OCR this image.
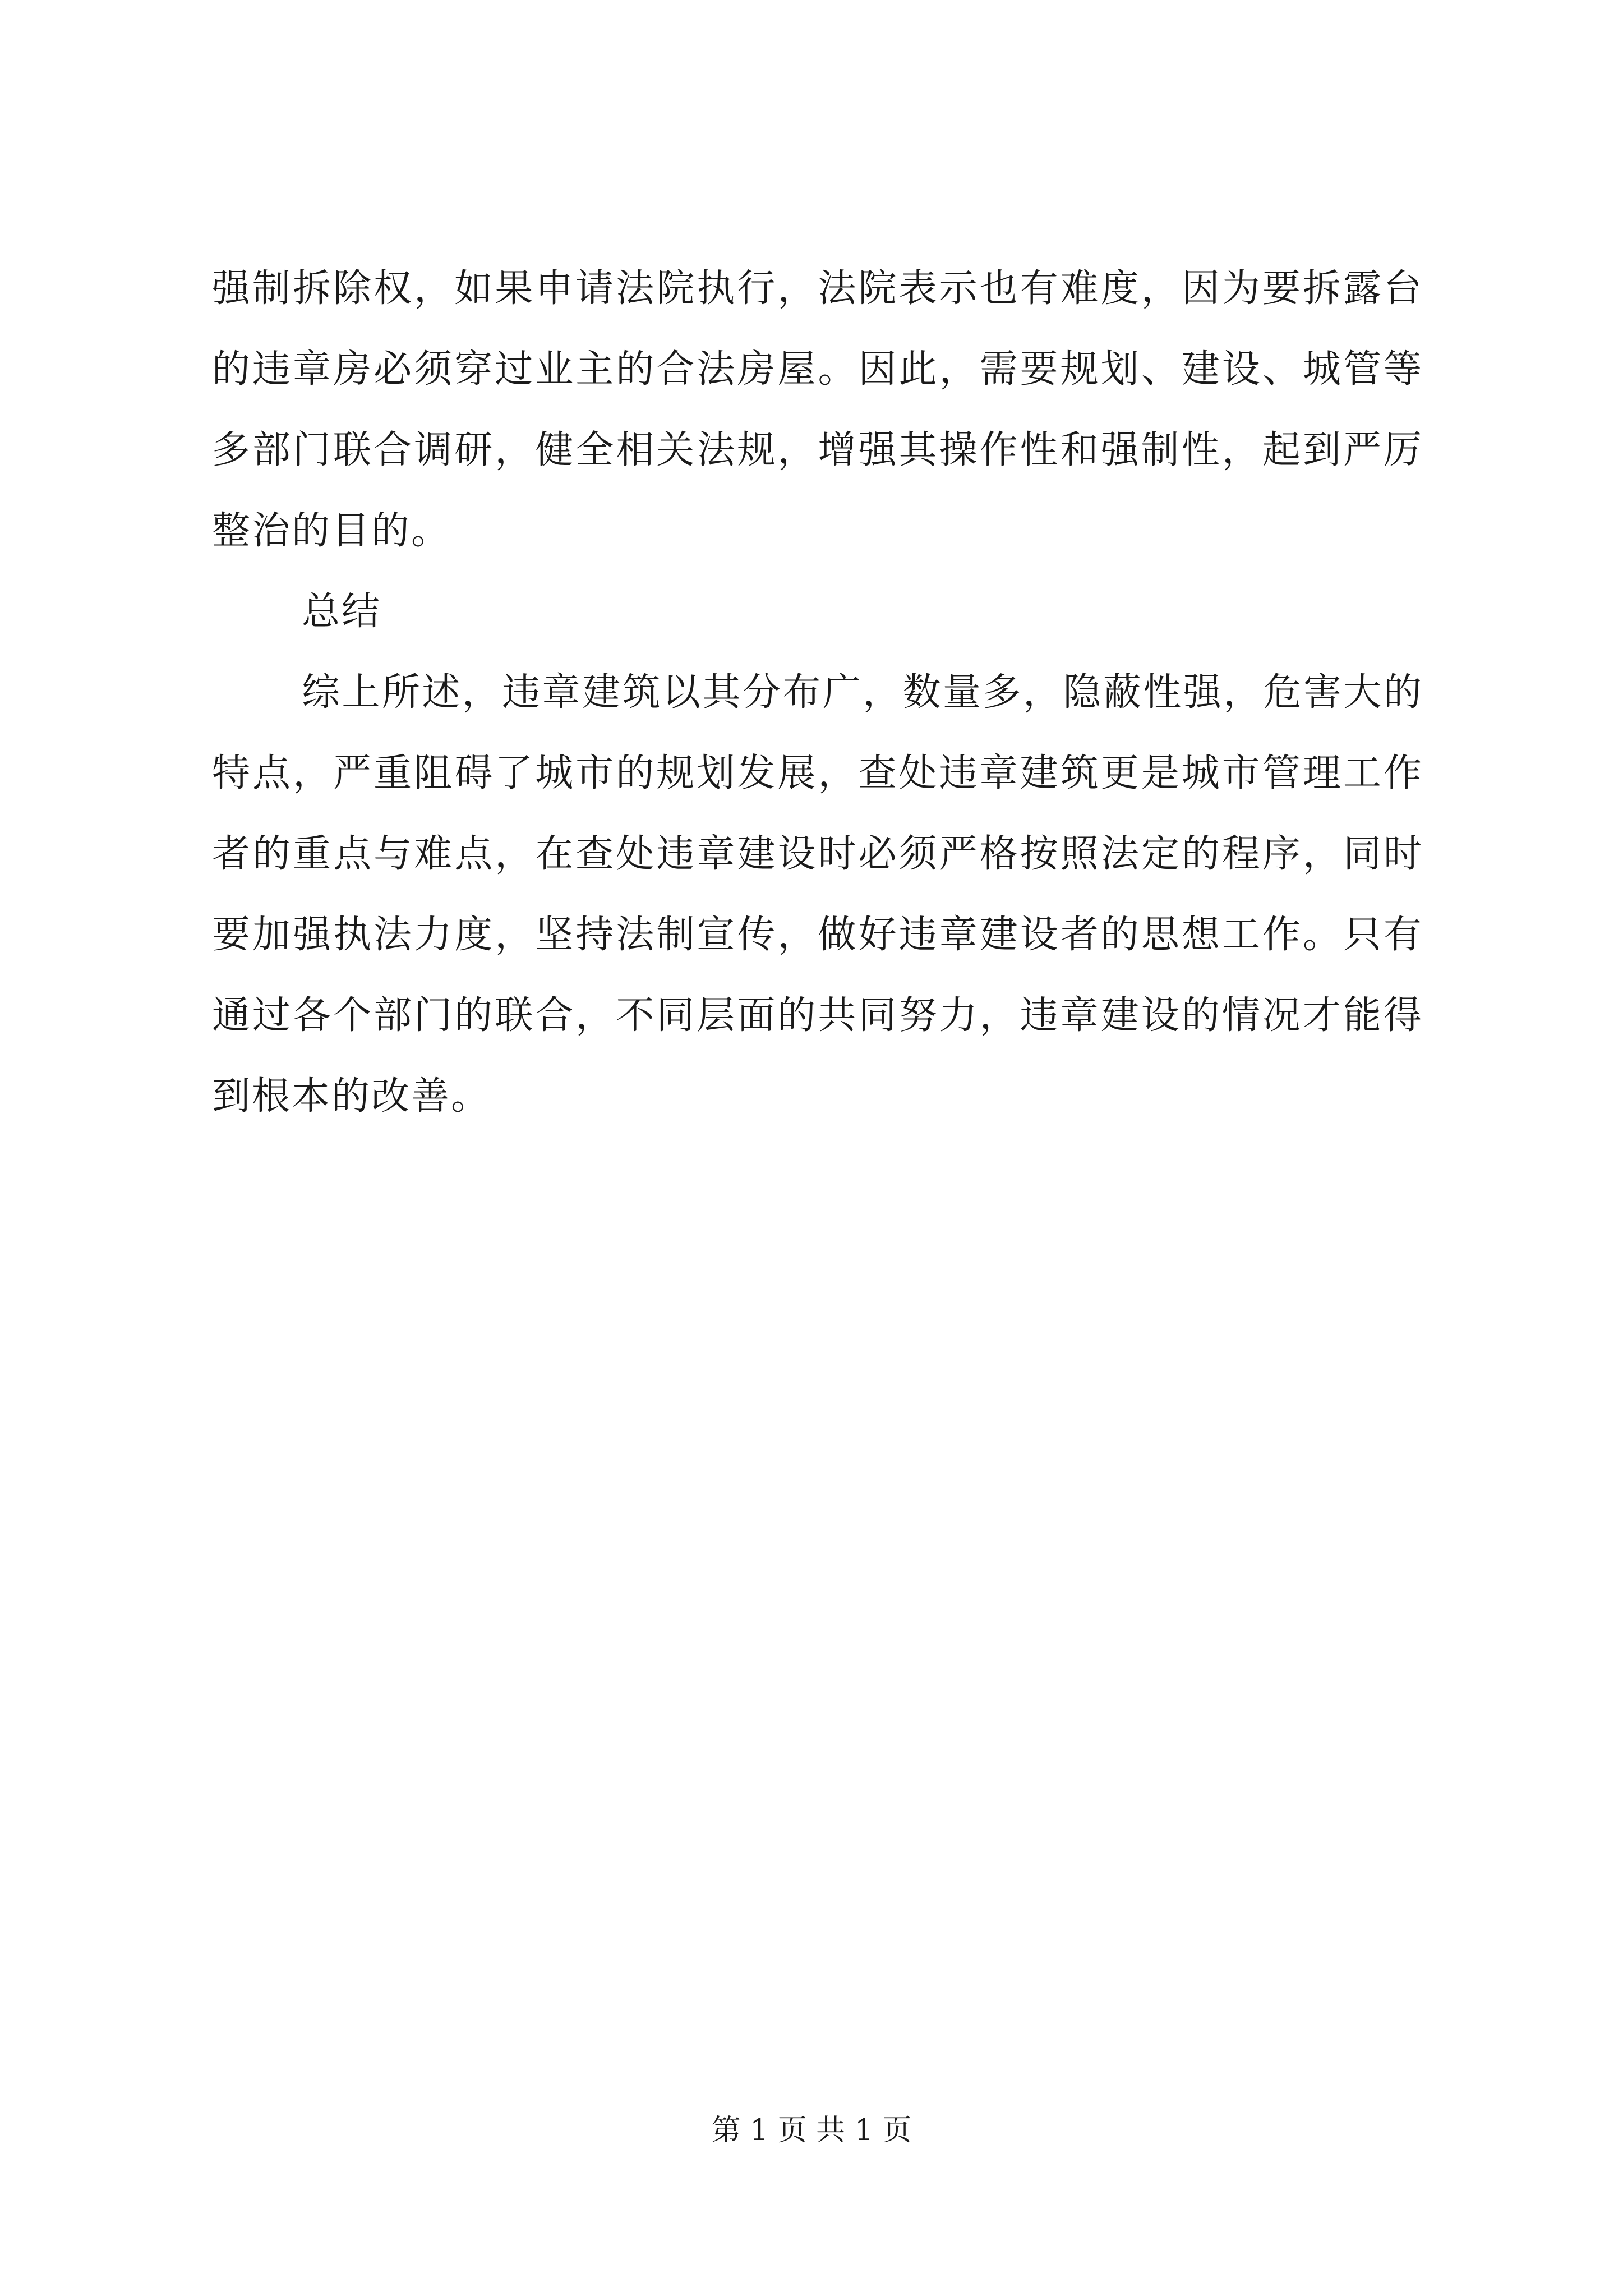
强制拆除权，如果申请法院执行，法院表示也有难度，因为要拆露台的违章房必须穿过业主的合法房屋。因此，需要规划、建设、城管等多部门联合调研，健全相关法规，增强其操作性和强制性，起到严厉整治的目的。

总结

综上所述，违章建筑以其分布广，数量多，隐蔽性强，危害大的特点，严重阻碍了城市的规划发展，查处违章建筑更是城市管理工作者的重点与难点，在查处违章建设时必须严格按照法定的程序，同时要加强执法力度，坚持法制宣传，做好违章建设者的思想工作。只有通过各个部门的联合，不同层面的共同努力，违章建设的情况才能得到根本的改善。

第 1 页 共 1 页
